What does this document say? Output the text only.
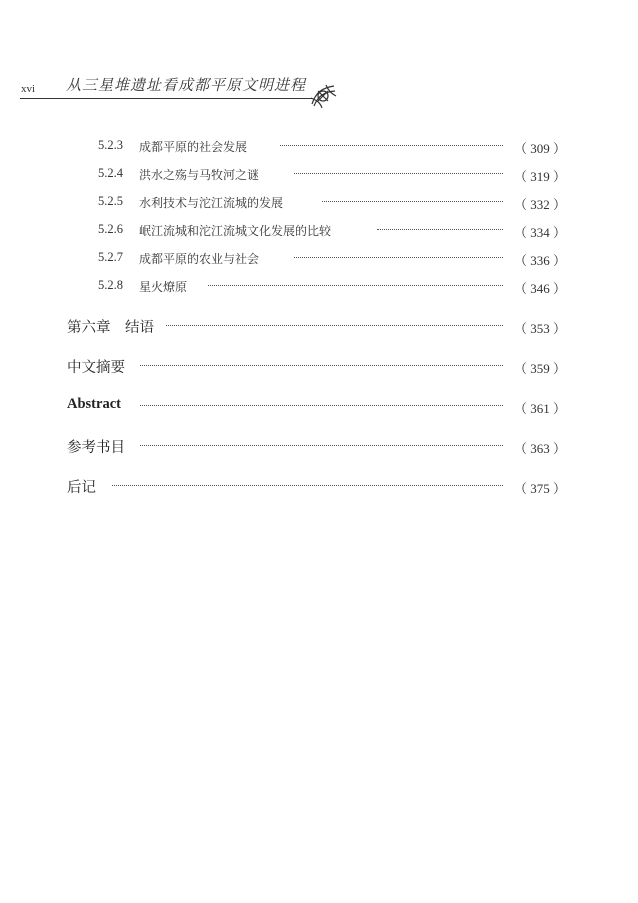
xvi 从三星堆遗址看成都平原文明进程
5.2.3 成都平原的社会发展	（ 309 ）
5.2.4 洪水之殇与马牧河之谜	（ 319 ）
5.2.5 水利技术与沱江流城的发展	（ 332 ）
5.2.6 岷江流城和沱江流城文化发展的比较	（ 334 ）
5.2.7 成都平原的农业与社会	（ 336 ）
5.2.8 星火燎原	（ 346 ）
第六章　结语	（ 353 ）
中文摘要	（ 359 ）
Abstract	（ 361 ）
参考书目	（ 363 ）
后记	（ 375 ）
